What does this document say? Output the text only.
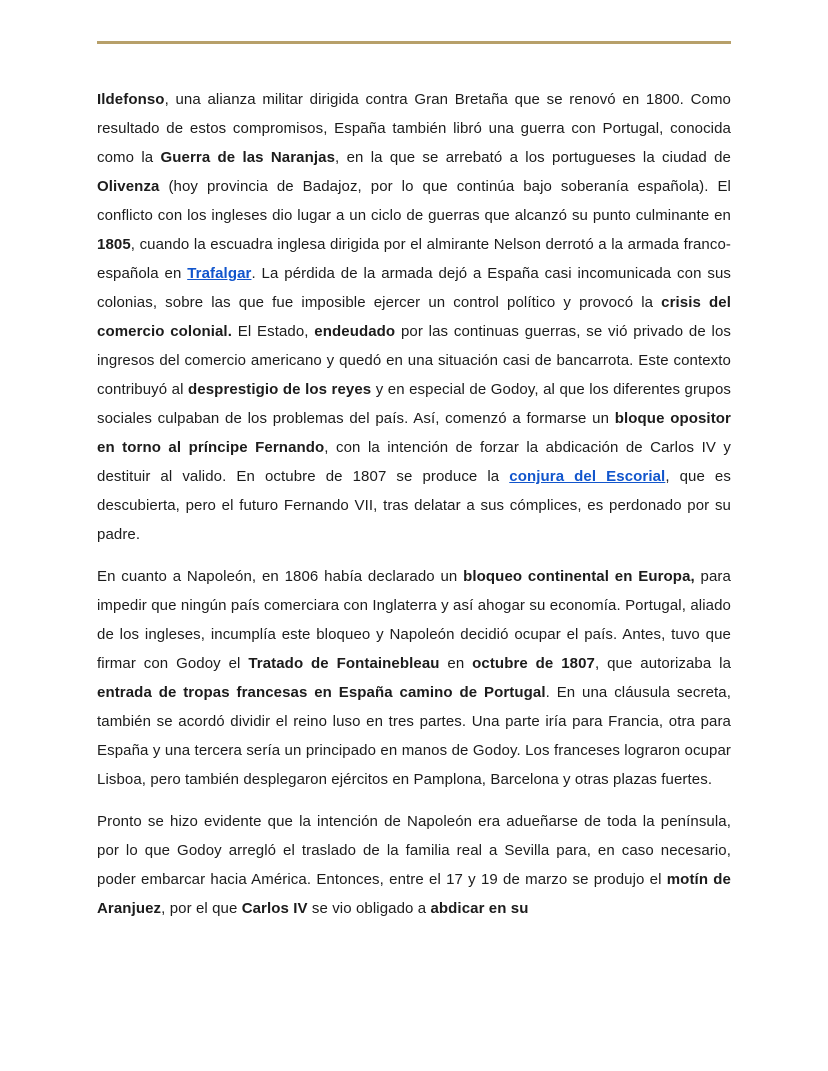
Ildefonso, una alianza militar dirigida contra Gran Bretaña que se renovó en 1800. Como resultado de estos compromisos, España también libró una guerra con Portugal, conocida como la Guerra de las Naranjas, en la que se arrebató a los portugueses la ciudad de Olivenza (hoy provincia de Badajoz, por lo que continúa bajo soberanía española). El conflicto con los ingleses dio lugar a un ciclo de guerras que alcanzó su punto culminante en 1805, cuando la escuadra inglesa dirigida por el almirante Nelson derrotó a la armada franco-española en Trafalgar. La pérdida de la armada dejó a España casi incomunicada con sus colonias, sobre las que fue imposible ejercer un control político y provocó la crisis del comercio colonial. El Estado, endeudado por las continuas guerras, se vió privado de los ingresos del comercio americano y quedó en una situación casi de bancarrota. Este contexto contribuyó al desprestigio de los reyes y en especial de Godoy, al que los diferentes grupos sociales culpaban de los problemas del país. Así, comenzó a formarse un bloque opositor en torno al príncipe Fernando, con la intención de forzar la abdicación de Carlos IV y destituir al valido. En octubre de 1807 se produce la conjura del Escorial, que es descubierta, pero el futuro Fernando VII, tras delatar a sus cómplices, es perdonado por su padre.

En cuanto a Napoleón, en 1806 había declarado un bloqueo continental en Europa, para impedir que ningún país comerciara con Inglaterra y así ahogar su economía. Portugal, aliado de los ingleses, incumplía este bloqueo y Napoleón decidió ocupar el país. Antes, tuvo que firmar con Godoy el Tratado de Fontainebleau en octubre de 1807, que autorizaba la entrada de tropas francesas en España camino de Portugal. En una cláusula secreta, también se acordó dividir el reino luso en tres partes. Una parte iría para Francia, otra para España y una tercera sería un principado en manos de Godoy. Los franceses lograron ocupar Lisboa, pero también desplegaron ejércitos en Pamplona, Barcelona y otras plazas fuertes.

Pronto se hizo evidente que la intención de Napoleón era adueñarse de toda la península, por lo que Godoy arregló el traslado de la familia real a Sevilla para, en caso necesario, poder embarcar hacia América. Entonces, entre el 17 y 19 de marzo se produjo el motín de Aranjuez, por el que Carlos IV se vio obligado a abdicar en su
